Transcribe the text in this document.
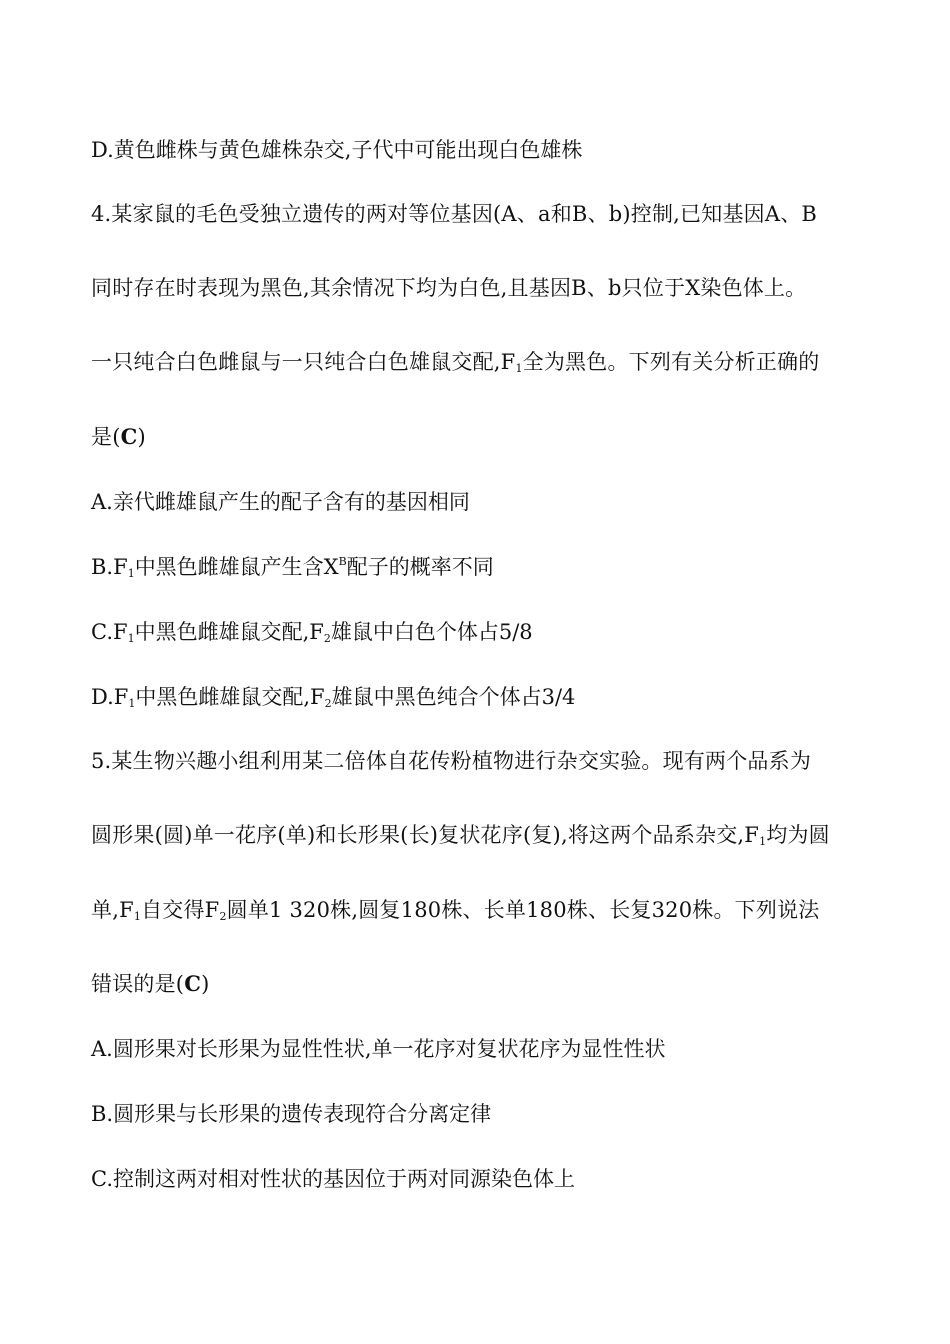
D.黄色雌株与黄色雄株杂交,子代中可能出现白色雄株
4.某家鼠的毛色受独立遗传的两对等位基因(A、a和B、b)控制,已知基因A、B
同时存在时表现为黑色,其余情况下均为白色,且基因B、b只位于X染色体上。
一只纯合白色雌鼠与一只纯合白色雄鼠交配$,F_1$全为黑色。下列有关分析正确的
是(C)
A.亲代雌雄鼠产生的配子含有的基因相同
$B.F_1$中黑色雌雄鼠产生含$X^B$配子的概率不同
$C.F_1$中黑色雌雄鼠交配$,F_2$雄鼠中白色个体占5/8
$D.F_1$中黑色雌雄鼠交配$,F_2$雄鼠中黑色纯合个体占3/4
5.某生物兴趣小组利用某二倍体自花传粉植物进行杂交实验。现有两个品系为
圆形果(圆)单一花序(单)和长形果(长)复状花序(复),将这两个品系杂交$,F_1$均为圆
单$,F_1$自交得$F_2$圆单1 320株,圆复180株、长单180株、长复320株。下列说法
错误的是(C)
A.圆形果对长形果为显性性状,单一花序对复状花序为显性性状
B.圆形果与长形果的遗传表现符合分离定律
C.控制这两对相对性状的基因位于两对同源染色体上
